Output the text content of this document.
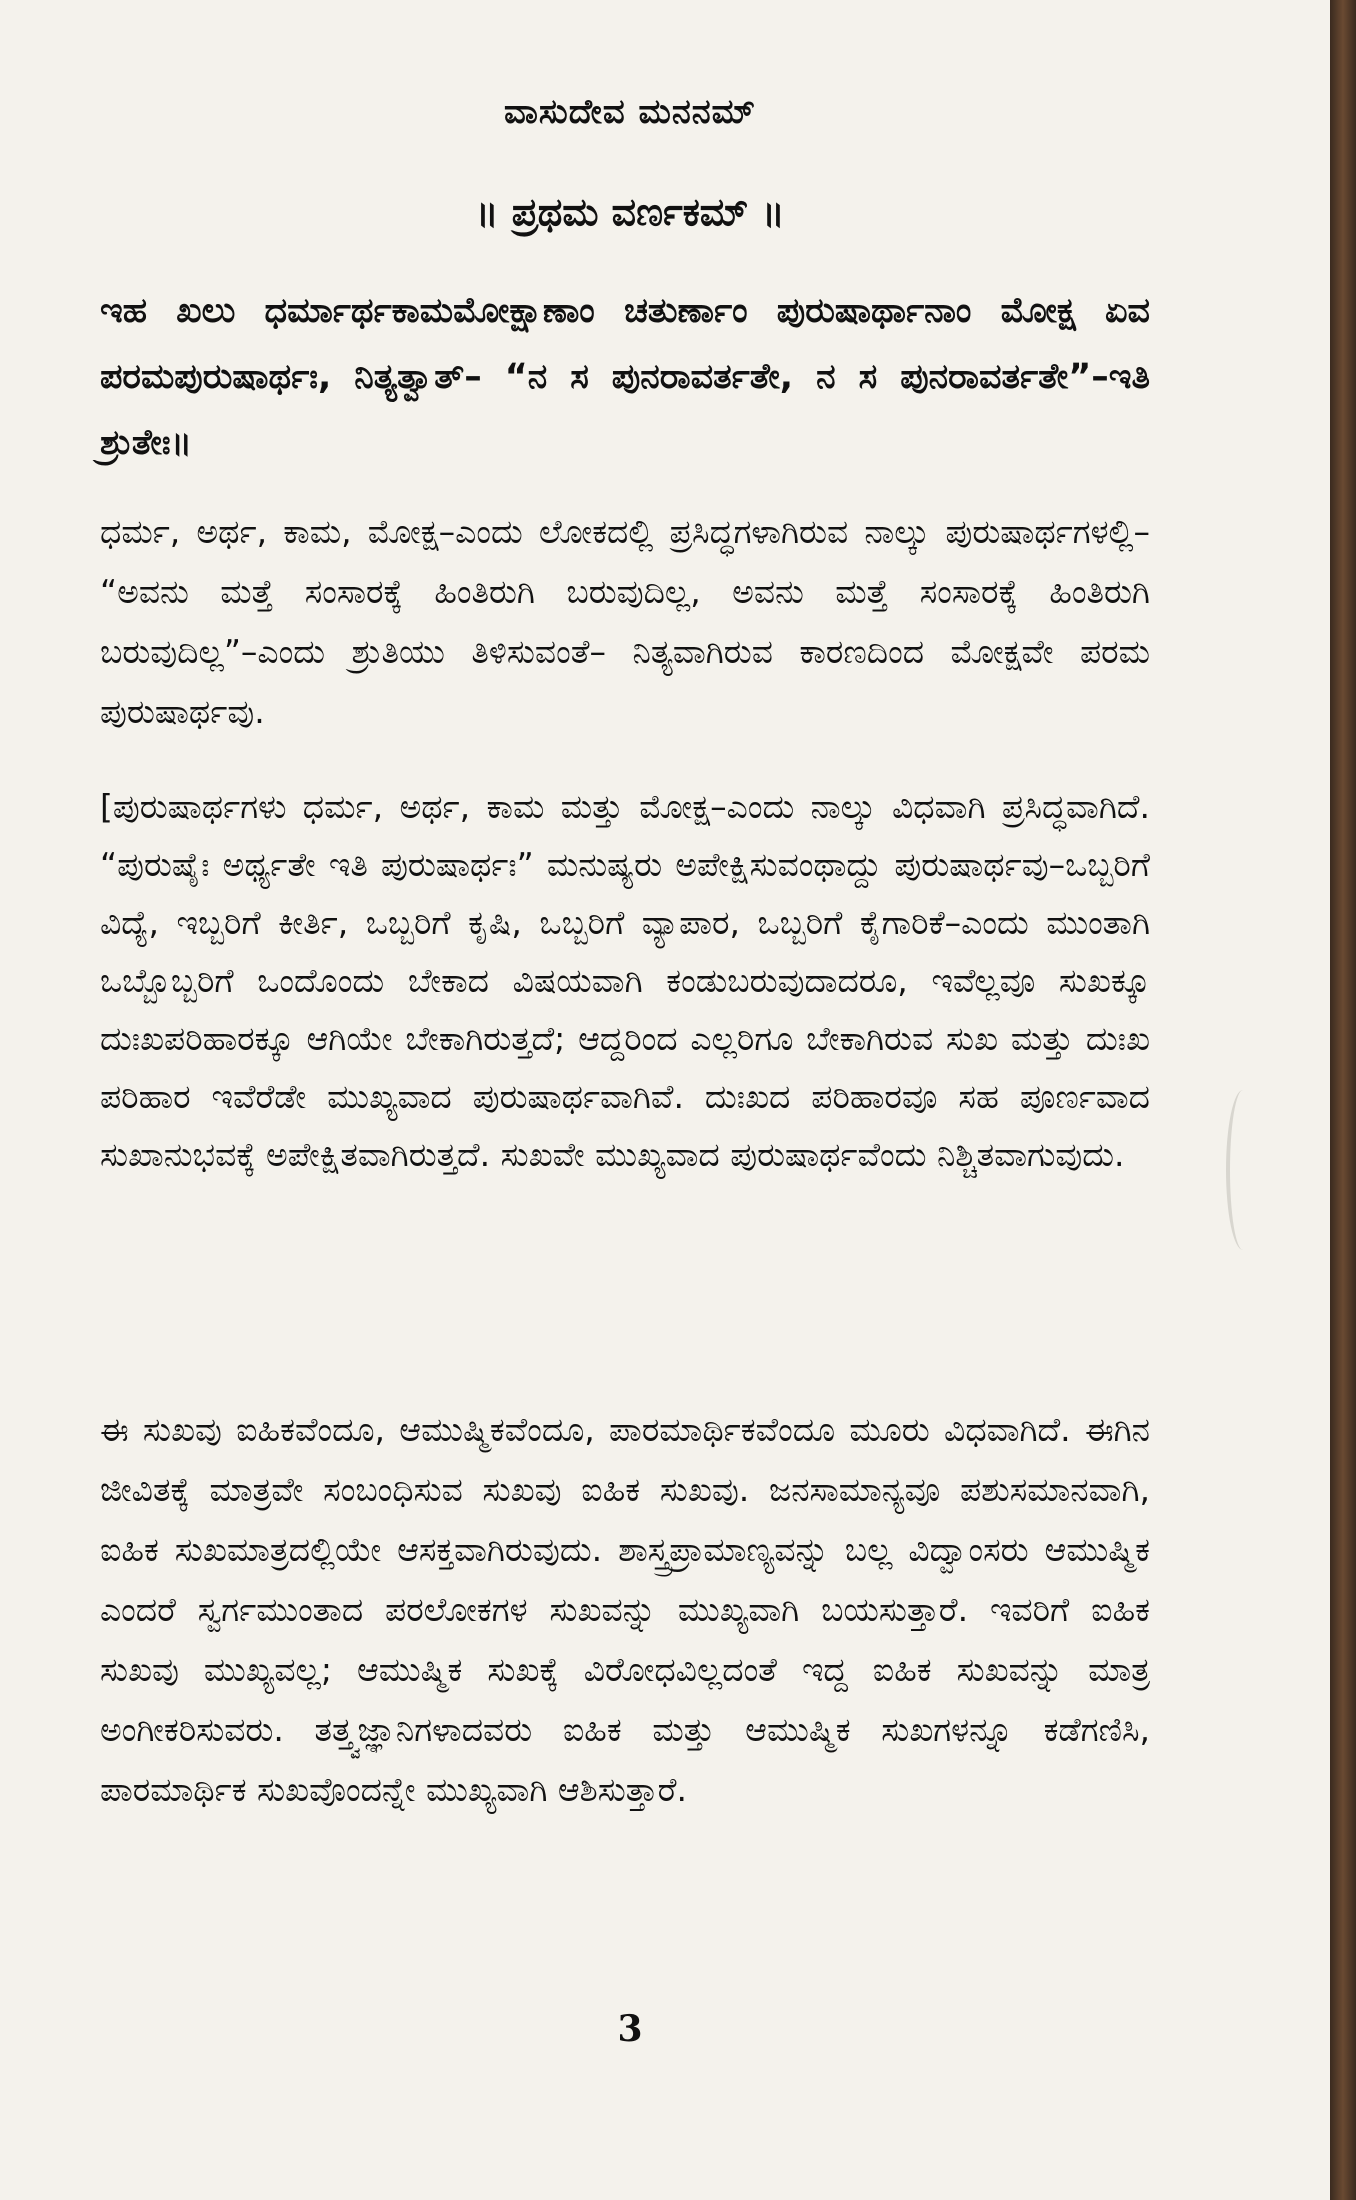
ವಾಸುದೇವ ಮನನಮ್
॥ ಪ್ರಥಮ ವರ್ಣಕಮ್ ॥

ಇಹ ಖಲು ಧರ್ಮಾರ್ಥಕಾಮಮೋಕ್ಷಾಣಾಂ ಚತುರ್ಣಾಂ ಪುರುಷಾರ್ಥಾನಾಂ ಮೋಕ್ಷ ಏವ ಪರಮಪುರುಷಾರ್ಥಃ, ನಿತ್ಯತ್ವಾತ್– “ನ ಸ ಪುನರಾವರ್ತತೇ, ನ ಸ ಪುನರಾವರ್ತತೇ”–ಇತಿ ಶ್ರುತೇಃ॥

ಧರ್ಮ, ಅರ್ಥ, ಕಾಮ, ಮೋಕ್ಷ–ಎಂದು ಲೋಕದಲ್ಲಿ ಪ್ರಸಿದ್ಧಗಳಾಗಿರುವ ನಾಲ್ಕು ಪುರುಷಾರ್ಥಗಳಲ್ಲಿ– “ಅವನು ಮತ್ತೆ ಸಂಸಾರಕ್ಕೆ ಹಿಂತಿರುಗಿ ಬರುವುದಿಲ್ಲ, ಅವನು ಮತ್ತೆ ಸಂಸಾರಕ್ಕೆ ಹಿಂತಿರುಗಿ ಬರುವುದಿಲ್ಲ”–ಎಂದು ಶ್ರುತಿಯು ತಿಳಿಸುವಂತೆ– ನಿತ್ಯವಾಗಿರುವ ಕಾರಣದಿಂದ ಮೋಕ್ಷವೇ ಪರಮ ಪುರುಷಾರ್ಥವು.

[ಪುರುಷಾರ್ಥಗಳು ಧರ್ಮ, ಅರ್ಥ, ಕಾಮ ಮತ್ತು ಮೋಕ್ಷ–ಎಂದು ನಾಲ್ಕು ವಿಧವಾಗಿ ಪ್ರಸಿದ್ಧವಾಗಿದೆ. “ಪುರುಷೈಃ ಅರ್ಥ್ಯತೇ ಇತಿ ಪುರುಷಾರ್ಥಃ” ಮನುಷ್ಯರು ಅಪೇಕ್ಷಿಸುವಂಥಾದ್ದು ಪುರುಷಾರ್ಥವು–ಒಬ್ಬರಿಗೆ ವಿದ್ಯೆ, ಇಬ್ಬರಿಗೆ ಕೀರ್ತಿ, ಒಬ್ಬರಿಗೆ ಕೃಷಿ, ಒಬ್ಬರಿಗೆ ವ್ಯಾಪಾರ, ಒಬ್ಬರಿಗೆ ಕೈಗಾರಿಕೆ–ಎಂದು ಮುಂತಾಗಿ ಒಬ್ಬೊಬ್ಬರಿಗೆ ಒಂದೊಂದು ಬೇಕಾದ ವಿಷಯವಾಗಿ ಕಂಡುಬರುವುದಾದರೂ, ಇವೆಲ್ಲವೂ ಸುಖಕ್ಕೂ ದುಃಖಪರಿಹಾರಕ್ಕೂ ಆಗಿಯೇ ಬೇಕಾಗಿರುತ್ತದೆ; ಆದ್ದರಿಂದ ಎಲ್ಲರಿಗೂ ಬೇಕಾಗಿರುವ ಸುಖ ಮತ್ತು ದುಃಖ ಪರಿಹಾರ ಇವೆರೆಡೇ ಮುಖ್ಯವಾದ ಪುರುಷಾರ್ಥವಾಗಿವೆ. ದುಃಖದ ಪರಿಹಾರವೂ ಸಹ ಪೂರ್ಣವಾದ ಸುಖಾನುಭವಕ್ಕೆ ಅಪೇಕ್ಷಿತವಾಗಿರುತ್ತದೆ. ಸುಖವೇ ಮುಖ್ಯವಾದ ಪುರುಷಾರ್ಥವೆಂದು ನಿಶ್ಚಿತವಾಗುವುದು.

ಈ ಸುಖವು ಐಹಿಕವೆಂದೂ, ಆಮುಷ್ಮಿಕವೆಂದೂ, ಪಾರಮಾರ್ಥಿಕವೆಂದೂ ಮೂರು ವಿಧವಾಗಿದೆ. ಈಗಿನ ಜೀವಿತಕ್ಕೆ ಮಾತ್ರವೇ ಸಂಬಂಧಿಸುವ ಸುಖವು ಐಹಿಕ ಸುಖವು. ಜನಸಾಮಾನ್ಯವೂ ಪಶುಸಮಾನವಾಗಿ, ಐಹಿಕ ಸುಖಮಾತ್ರದಲ್ಲಿಯೇ ಆಸಕ್ತವಾಗಿರುವುದು. ಶಾಸ್ತ್ರಪ್ರಾಮಾಣ್ಯವನ್ನು ಬಲ್ಲ ವಿದ್ವಾಂಸರು ಆಮುಷ್ಮಿಕ ಎಂದರೆ ಸ್ವರ್ಗಮುಂತಾದ ಪರಲೋಕಗಳ ಸುಖವನ್ನು ಮುಖ್ಯವಾಗಿ ಬಯಸುತ್ತಾರೆ. ಇವರಿಗೆ ಐಹಿಕ ಸುಖವು ಮುಖ್ಯವಲ್ಲ; ಆಮುಷ್ಮಿಕ ಸುಖಕ್ಕೆ ವಿರೋಧವಿಲ್ಲದಂತೆ ಇದ್ದ ಐಹಿಕ ಸುಖವನ್ನು ಮಾತ್ರ ಅಂಗೀಕರಿಸುವರು. ತತ್ತ್ವಜ್ಞಾನಿಗಳಾದವರು ಐಹಿಕ ಮತ್ತು ಆಮುಷ್ಮಿಕ ಸುಖಗಳನ್ನೂ ಕಡೆಗಣಿಸಿ, ಪಾರಮಾರ್ಥಿಕ ಸುಖವೊಂದನ್ನೇ ಮುಖ್ಯವಾಗಿ ಆಶಿಸುತ್ತಾರೆ.

3
